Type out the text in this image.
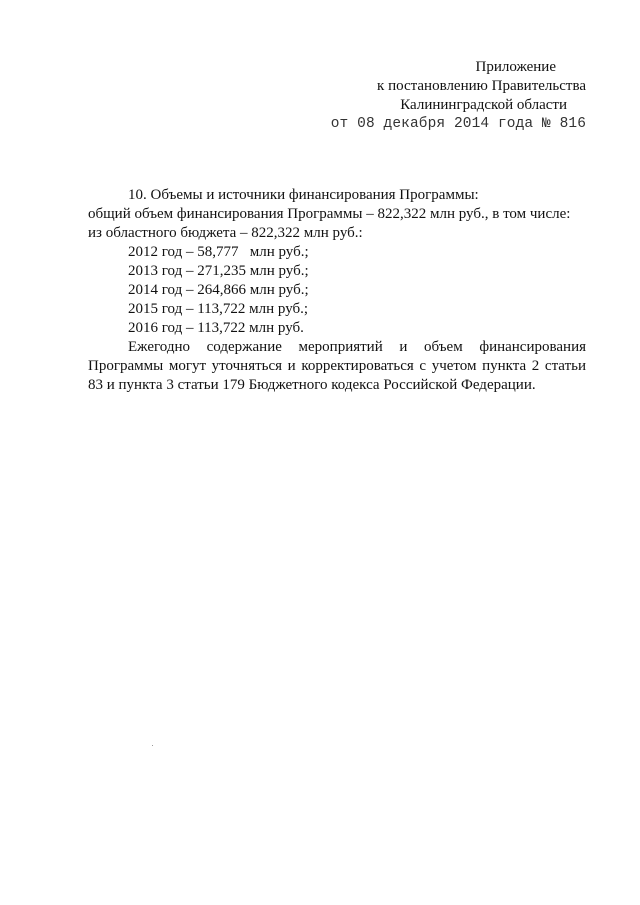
Приложение
к постановлению Правительства
Калининградской области
от 08 декабря 2014 года № 816

10. Объемы и источники финансирования Программы:

общий объем финансирования Программы – 822,322 млн руб., в том числе:

из областного бюджета – 822,322 млн руб.:

2012 год – 58,777   млн руб.;

2013 год – 271,235 млн руб.;

2014 год – 264,866 млн руб.;

2015 год – 113,722 млн руб.;

2016 год – 113,722 млн руб.

Ежегодно содержание мероприятий и объем финансирования

Программы могут уточняться и корректироваться с учетом пункта 2 статьи 83 и пункта 3 статьи 179 Бюджетного кодекса Российской Федерации.
